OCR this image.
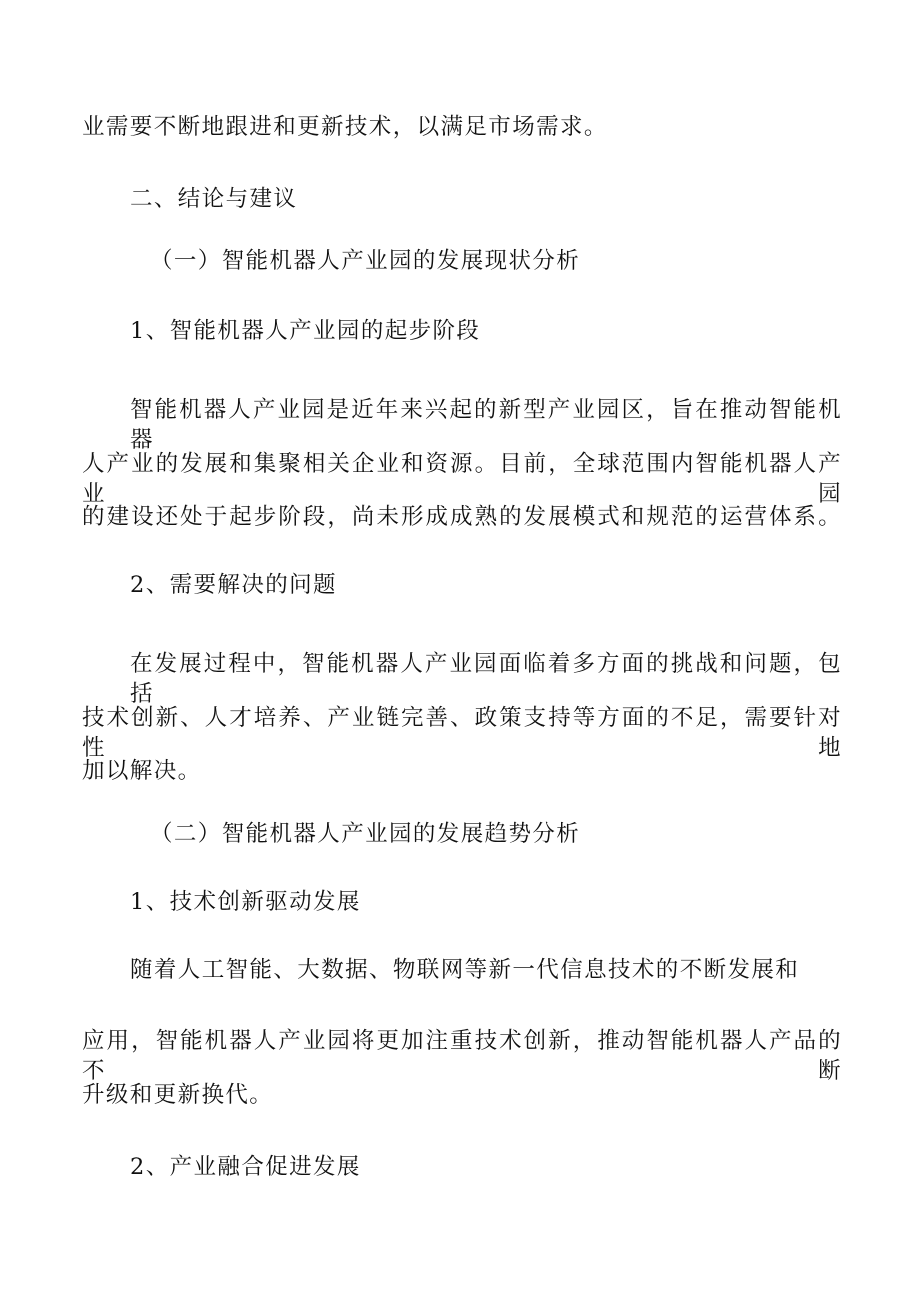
业需要不断地跟进和更新技术，以满足市场需求。
二、结论与建议
（一）智能机器人产业园的发展现状分析
1、智能机器人产业园的起步阶段
智能机器人产业园是近年来兴起的新型产业园区，旨在推动智能机器
人产业的发展和集聚相关企业和资源。目前，全球范围内智能机器人产业园
的建设还处于起步阶段，尚未形成成熟的发展模式和规范的运营体系。
2、需要解决的问题
在发展过程中，智能机器人产业园面临着多方面的挑战和问题，包括
技术创新、人才培养、产业链完善、政策支持等方面的不足，需要针对性地
加以解决。
（二）智能机器人产业园的发展趋势分析
1、技术创新驱动发展
随着人工智能、大数据、物联网等新一代信息技术的不断发展和
应用，智能机器人产业园将更加注重技术创新，推动智能机器人产品的不断
升级和更新换代。
2、产业融合促进发展
